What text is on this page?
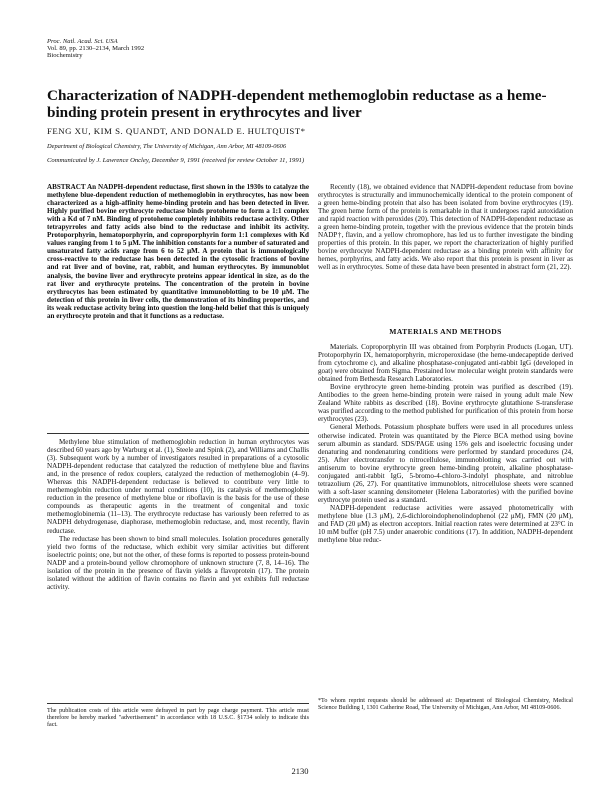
Proc. Natl. Acad. Sci. USA
Vol. 89, pp. 2130–2134, March 1992
Biochemistry
Characterization of NADPH-dependent methemoglobin reductase as a heme-binding protein present in erythrocytes and liver
FENG XU, KIM S. QUANDT, AND DONALD E. HULTQUIST*
Department of Biological Chemistry, The University of Michigan, Ann Arbor, MI 48109-0606
Communicated by J. Lawrence Oncley, December 9, 1991 (received for review October 11, 1991)
ABSTRACT An NADPH-dependent reductase, first shown in the 1930s to catalyze the methylene blue-dependent reduction of methemoglobin in erythrocytes, has now been characterized as a high-affinity heme-binding protein and has been detected in liver. Highly purified bovine erythrocyte reductase binds protoheme to form a 1:1 complex with a Kd of 7 nM. Binding of protoheme completely inhibits reductase activity. Other tetrapyrroles and fatty acids also bind to the reductase and inhibit its activity. Protoporphyrin, hematoporphyrin, and coproporphyrin form 1:1 complexes with Kd values ranging from 1 to 5 μM. The inhibition constants for a number of saturated and unsaturated fatty acids range from 6 to 52 μM. A protein that is immunologically cross-reactive to the reductase has been detected in the cytosolic fractions of bovine and rat liver and of bovine, rat, rabbit, and human erythrocytes. By immunoblot analysis, the bovine liver and erythrocyte proteins appear identical in size, as do the rat liver and erythrocyte proteins. The concentration of the protein in bovine erythrocytes has been estimated by quantitative immunoblotting to be 10 μM. The detection of this protein in liver cells, the demonstration of its binding properties, and its weak reductase activity bring into question the long-held belief that this is uniquely an erythrocyte protein and that it functions as a reductase.

Methylene blue stimulation of methemoglobin reduction in human erythrocytes was described 60 years ago by Warburg et al. (1), Steele and Spink (2), and Williams and Challis (3). Subsequent work by a number of investigators resulted in preparations of a cytosolic NADPH-dependent reductase that catalyzed the reduction of methylene blue and flavins and, in the presence of redox couplers, catalyzed the reduction of methemoglobin (4–9). Whereas this NADPH-dependent reductase is believed to contribute very little to methemoglobin reduction under normal conditions (10), its catalysis of methemoglobin reduction in the presence of methylene blue or riboflavin is the basis for the use of these compounds as therapeutic agents in the treatment of congenital and toxic methemoglobinemia (11–13). The erythrocyte reductase has variously been referred to as NADPH dehydrogenase, diaphorase, methemoglobin reductase, and, most recently, flavin reductase.

The reductase has been shown to bind small molecules. Isolation procedures generally yield two forms of the reductase, which exhibit very similar activities but different isoelectric points; one, but not the other, of these forms is reported to possess protein-bound NADP and a protein-bound yellow chromophore of unknown structure (7, 8, 14–16). The isolation of the protein in the presence of flavin yields a flavoprotein (17). The protein isolated without the addition of flavin contains no flavin and yet exhibits full reductase activity.

Recently (18), we obtained evidence that NADPH-dependent reductase from bovine erythrocytes is structurally and immunochemically identical to the protein component of a green heme-binding protein that also has been isolated from bovine erythrocytes (19). The green heme form of the protein is remarkable in that it undergoes rapid autoxidation and rapid reaction with peroxides (20). This detection of NADPH-dependent reductase as a green heme-binding protein, together with the previous evidence that the protein binds NADP†, flavin, and a yellow chromophore, has led us to further investigate the binding properties of this protein. In this paper, we report the characterization of highly purified bovine erythrocyte NADPH-dependent reductase as a binding protein with affinity for hemes, porphyrins, and fatty acids. We also report that this protein is present in liver as well as in erythrocytes. Some of these data have been presented in abstract form (21, 22).

MATERIALS AND METHODS

Materials. Coproporphyrin III was obtained from Porphyrin Products (Logan, UT). Protoporphyrin IX, hematoporphyrin, microperoxidase (the heme-undecapeptide derived from cytochrome c), and alkaline phosphatase-conjugated anti-rabbit IgG (developed in goat) were obtained from Sigma. Prestained low molecular weight protein standards were obtained from Bethesda Research Laboratories.

Bovine erythrocyte green heme-binding protein was purified as described (19). Antibodies to the green heme-binding protein were raised in young adult male New Zealand White rabbits as described (18). Bovine erythrocyte glutathione S-transferase was purified according to the method published for purification of this protein from horse erythrocytes (23).

General Methods. Potassium phosphate buffers were used in all procedures unless otherwise indicated. Protein was quantitated by the Pierce BCA method using bovine serum albumin as standard. SDS/PAGE using 15% gels and isoelectric focusing under denaturing and nondenaturing conditions were performed by standard procedures (24, 25). After electrotransfer to nitrocellulose, immunoblotting was carried out with antiserum to bovine erythrocyte green heme-binding protein, alkaline phosphatase-conjugated anti-rabbit IgG, 5-bromo-4-chloro-3-indolyl phosphate, and nitroblue tetrazolium (26, 27). For quantitative immunoblots, nitrocellulose sheets were scanned with a soft-laser scanning densitometer (Helena Laboratories) with the purified bovine erythrocyte protein used as a standard.

NADPH-dependent reductase activities were assayed photometrically with methylene blue (1.3 μM), 2,6-dichloroindophenolindophenol (22 μM), FMN (20 μM), and FAD (20 μM) as electron acceptors. Initial reaction rates were determined at 23°C in 10 mM buffer (pH 7.5) under anaerobic conditions (17). In addition, NADPH-dependent methylene blue reduc-

The publication costs of this article were defrayed in part by page charge payment. This article must therefore be hereby marked "advertisement" in accordance with 18 U.S.C. §1734 solely to indicate this fact.
*To whom reprint requests should be addressed at: Department of Biological Chemistry, Medical Science Building I, 1301 Catherine Road, The University of Michigan, Ann Arbor, MI 48109-0606.
2130
